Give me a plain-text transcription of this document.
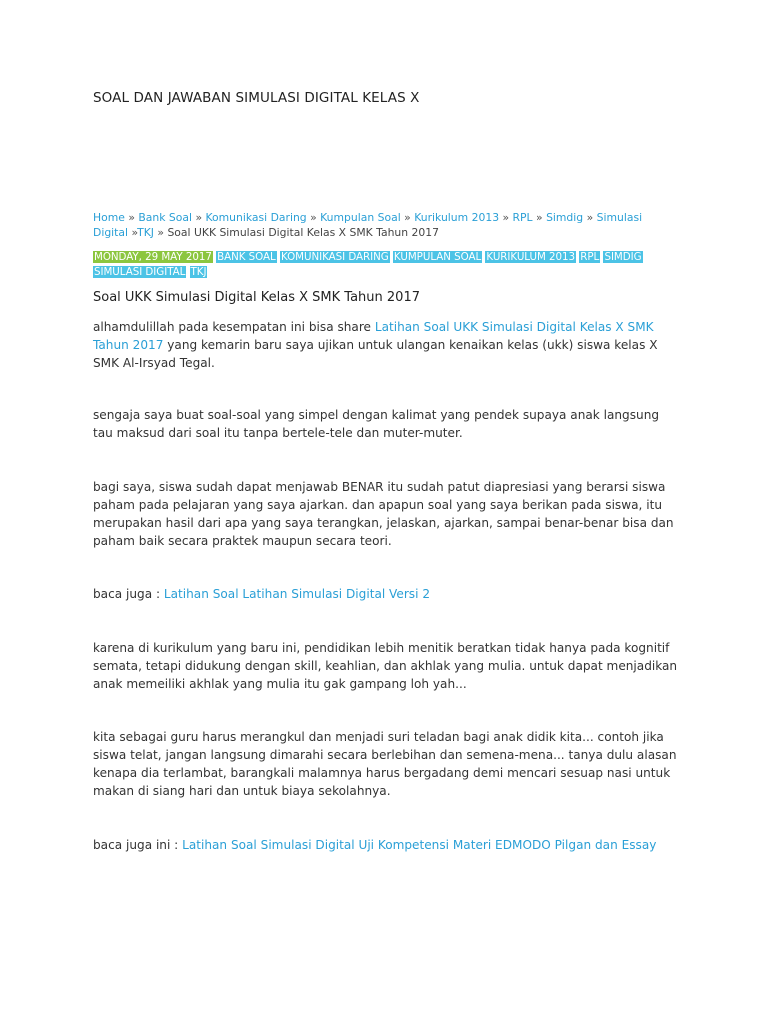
SOAL DAN JAWABAN SIMULASI DIGITAL KELAS X
Home » Bank Soal » Komunikasi Daring » Kumpulan Soal » Kurikulum 2013 » RPL » Simdig » Simulasi Digital »TKJ » Soal UKK Simulasi Digital Kelas X SMK Tahun 2017
MONDAY, 29 MAY 2017 BANK SOAL KOMUNIKASI DARING KUMPULAN SOAL KURIKULUM 2013 RPL SIMDIG SIMULASI DIGITAL TKJ
Soal UKK Simulasi Digital Kelas X SMK Tahun 2017

alhamdulillah pada kesempatan ini bisa share Latihan Soal UKK Simulasi Digital Kelas X SMK Tahun 2017 yang kemarin baru saya ujikan untuk ulangan kenaikan kelas (ukk) siswa kelas X SMK Al-Irsyad Tegal.

sengaja saya buat soal-soal yang simpel dengan kalimat yang pendek supaya anak langsung tau maksud dari soal itu tanpa bertele-tele dan muter-muter.

bagi saya, siswa sudah dapat menjawab BENAR itu sudah patut diapresiasi yang berarsi siswa paham pada pelajaran yang saya ajarkan. dan apapun soal yang saya berikan pada siswa, itu merupakan hasil dari apa yang saya terangkan, jelaskan, ajarkan, sampai benar-benar bisa dan paham baik secara praktek maupun secara teori.

baca juga : Latihan Soal Latihan Simulasi Digital Versi 2

karena di kurikulum yang baru ini, pendidikan lebih menitik beratkan tidak hanya pada kognitif semata, tetapi didukung dengan skill, keahlian, dan akhlak yang mulia. untuk dapat menjadikan anak memeiliki akhlak yang mulia itu gak gampang loh yah...

kita sebagai guru harus merangkul dan menjadi suri teladan bagi anak didik kita... contoh jika siswa telat, jangan langsung dimarahi secara berlebihan dan semena-mena... tanya dulu alasan kenapa dia terlambat, barangkali malamnya harus bergadang demi mencari sesuap nasi untuk makan di siang hari dan untuk biaya sekolahnya.

baca juga ini : Latihan Soal Simulasi Digital Uji Kompetensi Materi EDMODO Pilgan dan Essay
